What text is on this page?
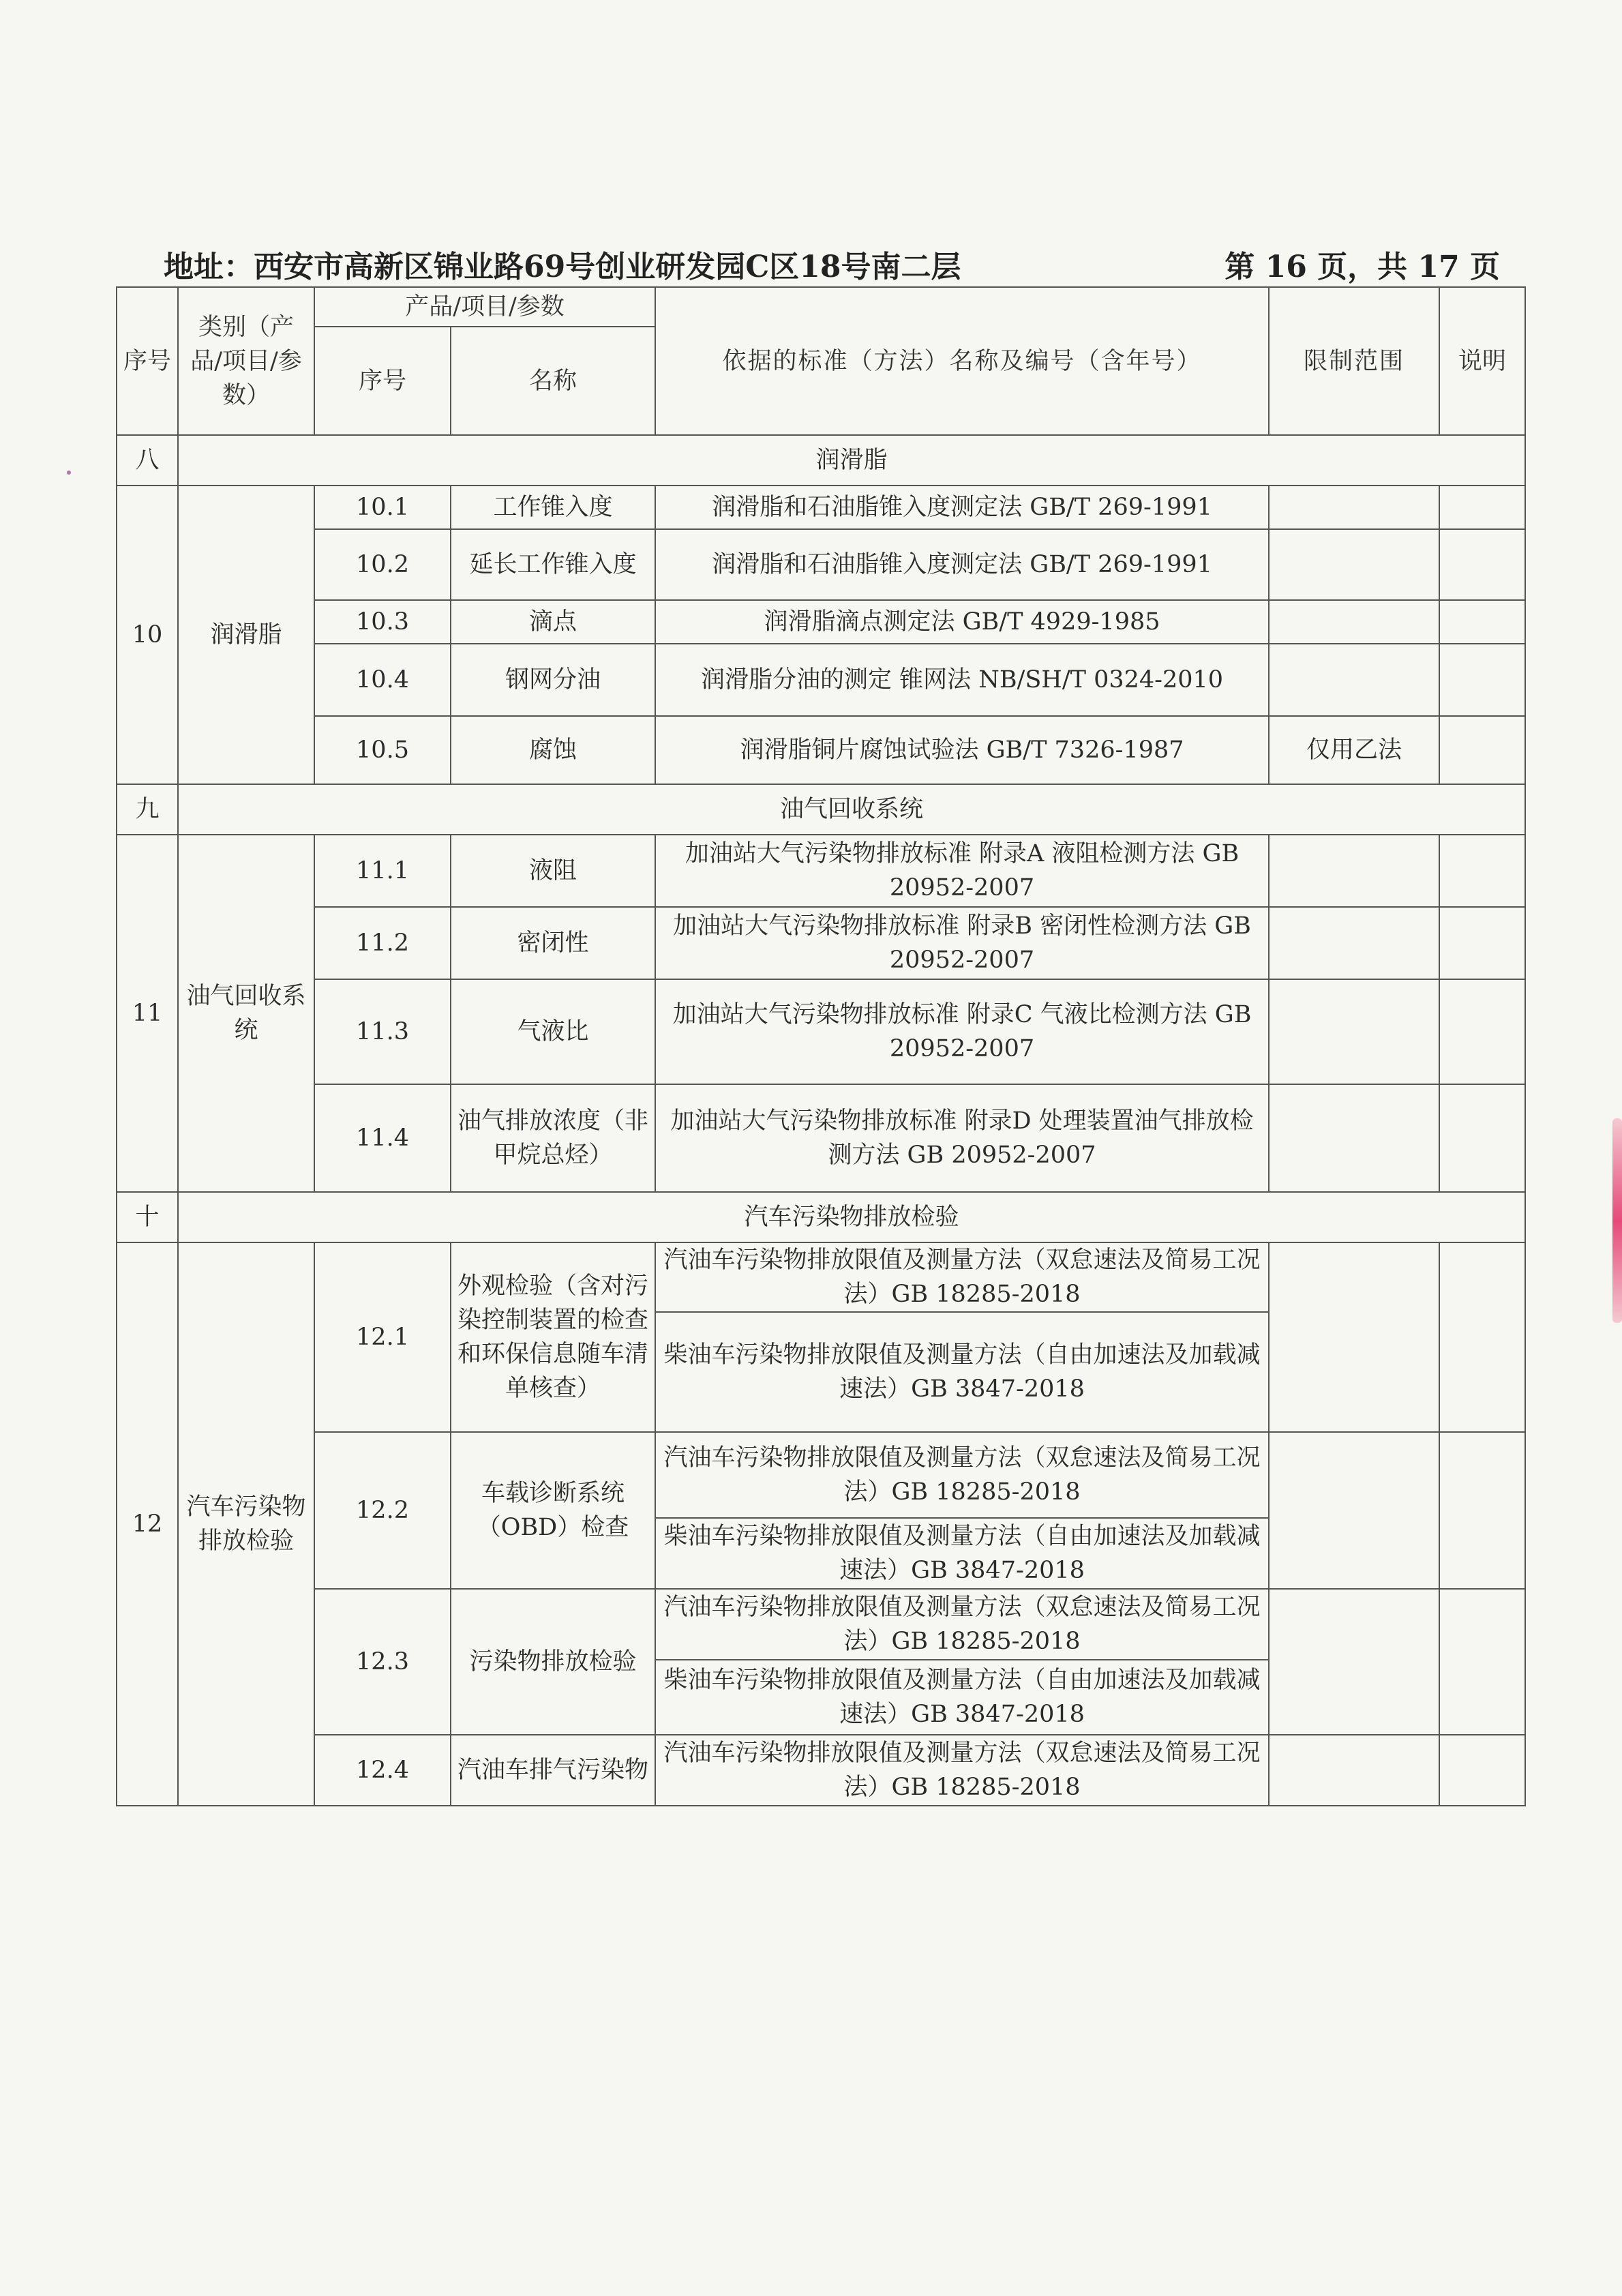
地址：西安市高新区锦业路69号创业研发园C区18号南二层	第 16 页，共 17 页
序号	类别（产品/项目/参数）	产品/项目/参数		依据的标准（方法）名称及编号（含年号）	限制范围	说明
		序号	名称			
八	润滑脂					
10	润滑脂	10.1	工作锥入度	润滑脂和石油脂锥入度测定法 GB/T 269-1991		
		10.2	延长工作锥入度	润滑脂和石油脂锥入度测定法 GB/T 269-1991		
		10.3	滴点	润滑脂滴点测定法 GB/T 4929-1985		
		10.4	钢网分油	润滑脂分油的测定 锥网法 NB/SH/T 0324-2010		
		10.5	腐蚀	润滑脂铜片腐蚀试验法 GB/T 7326-1987	仅用乙法	
九	油气回收系统					
11	油气回收系统	11.1	液阻	加油站大气污染物排放标准 附录A 液阻检测方法 GB 20952-2007		
		11.2	密闭性	加油站大气污染物排放标准 附录B 密闭性检测方法 GB 20952-2007		
		11.3	气液比	加油站大气污染物排放标准 附录C 气液比检测方法 GB 20952-2007		
		11.4	油气排放浓度（非甲烷总烃）	加油站大气污染物排放标准 附录D 处理装置油气排放检测方法 GB 20952-2007		
十	汽车污染物排放检验					
12	汽车污染物排放检验	12.1	外观检验（含对污染控制装置的检查和环保信息随车清单核查）	汽油车污染物排放限值及测量方法（双怠速法及简易工况法）GB 18285-2018		
				柴油车污染物排放限值及测量方法（自由加速法及加载减速法）GB 3847-2018		
		12.2	车载诊断系统（OBD）检查	汽油车污染物排放限值及测量方法（双怠速法及简易工况法）GB 18285-2018		
				柴油车污染物排放限值及测量方法（自由加速法及加载减速法）GB 3847-2018		
		12.3	污染物排放检验	汽油车污染物排放限值及测量方法（双怠速法及简易工况法）GB 18285-2018		
				柴油车污染物排放限值及测量方法（自由加速法及加载减速法）GB 3847-2018		
		12.4	汽油车排气污染物	汽油车污染物排放限值及测量方法（双怠速法及简易工况法）GB 18285-2018		
